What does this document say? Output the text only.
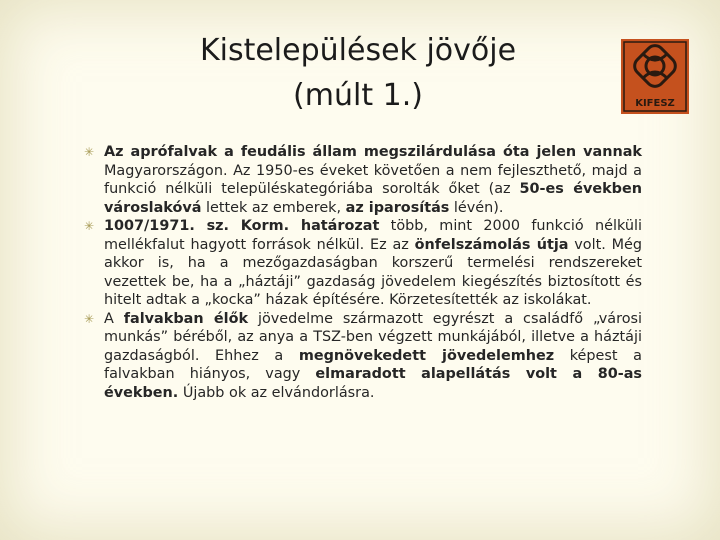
Kistelepülések jövője
(múlt 1.)	KIFESZ
✳ Az aprófalvak a feudális állam megszilárdulása óta jelen vannak Magyarországon. Az 1950-es éveket követően a nem fejleszthető, majd a funkció nélküli településkategóriába sorolták őket (az 50-es években városlakóvá lettek az emberek, az iparosítás lévén).
✳ 1007/1971. sz. Korm. határozat több, mint 2000 funkció nélküli mellékfalut hagyott források nélkül. Ez az önfelszámolás útja volt. Még akkor is, ha a mezőgazdaságban korszerű termelési rendszereket vezettek be, ha a „háztáji” gazdaság jövedelem kiegészítés biztosított és hitelt adtak a „kocka” házak építésére. Körzetesítették az iskolákat.
✳ A falvakban élők jövedelme származott egyrészt a családfő „városi munkás” béréből, az anya a TSZ-ben végzett munkájából, illetve a háztáji gazdaságból. Ehhez a megnövekedett jövedelemhez képest a falvakban hiányos, vagy elmaradott alapellátás volt a 80-as években. Újabb ok az elvándorlásra.
